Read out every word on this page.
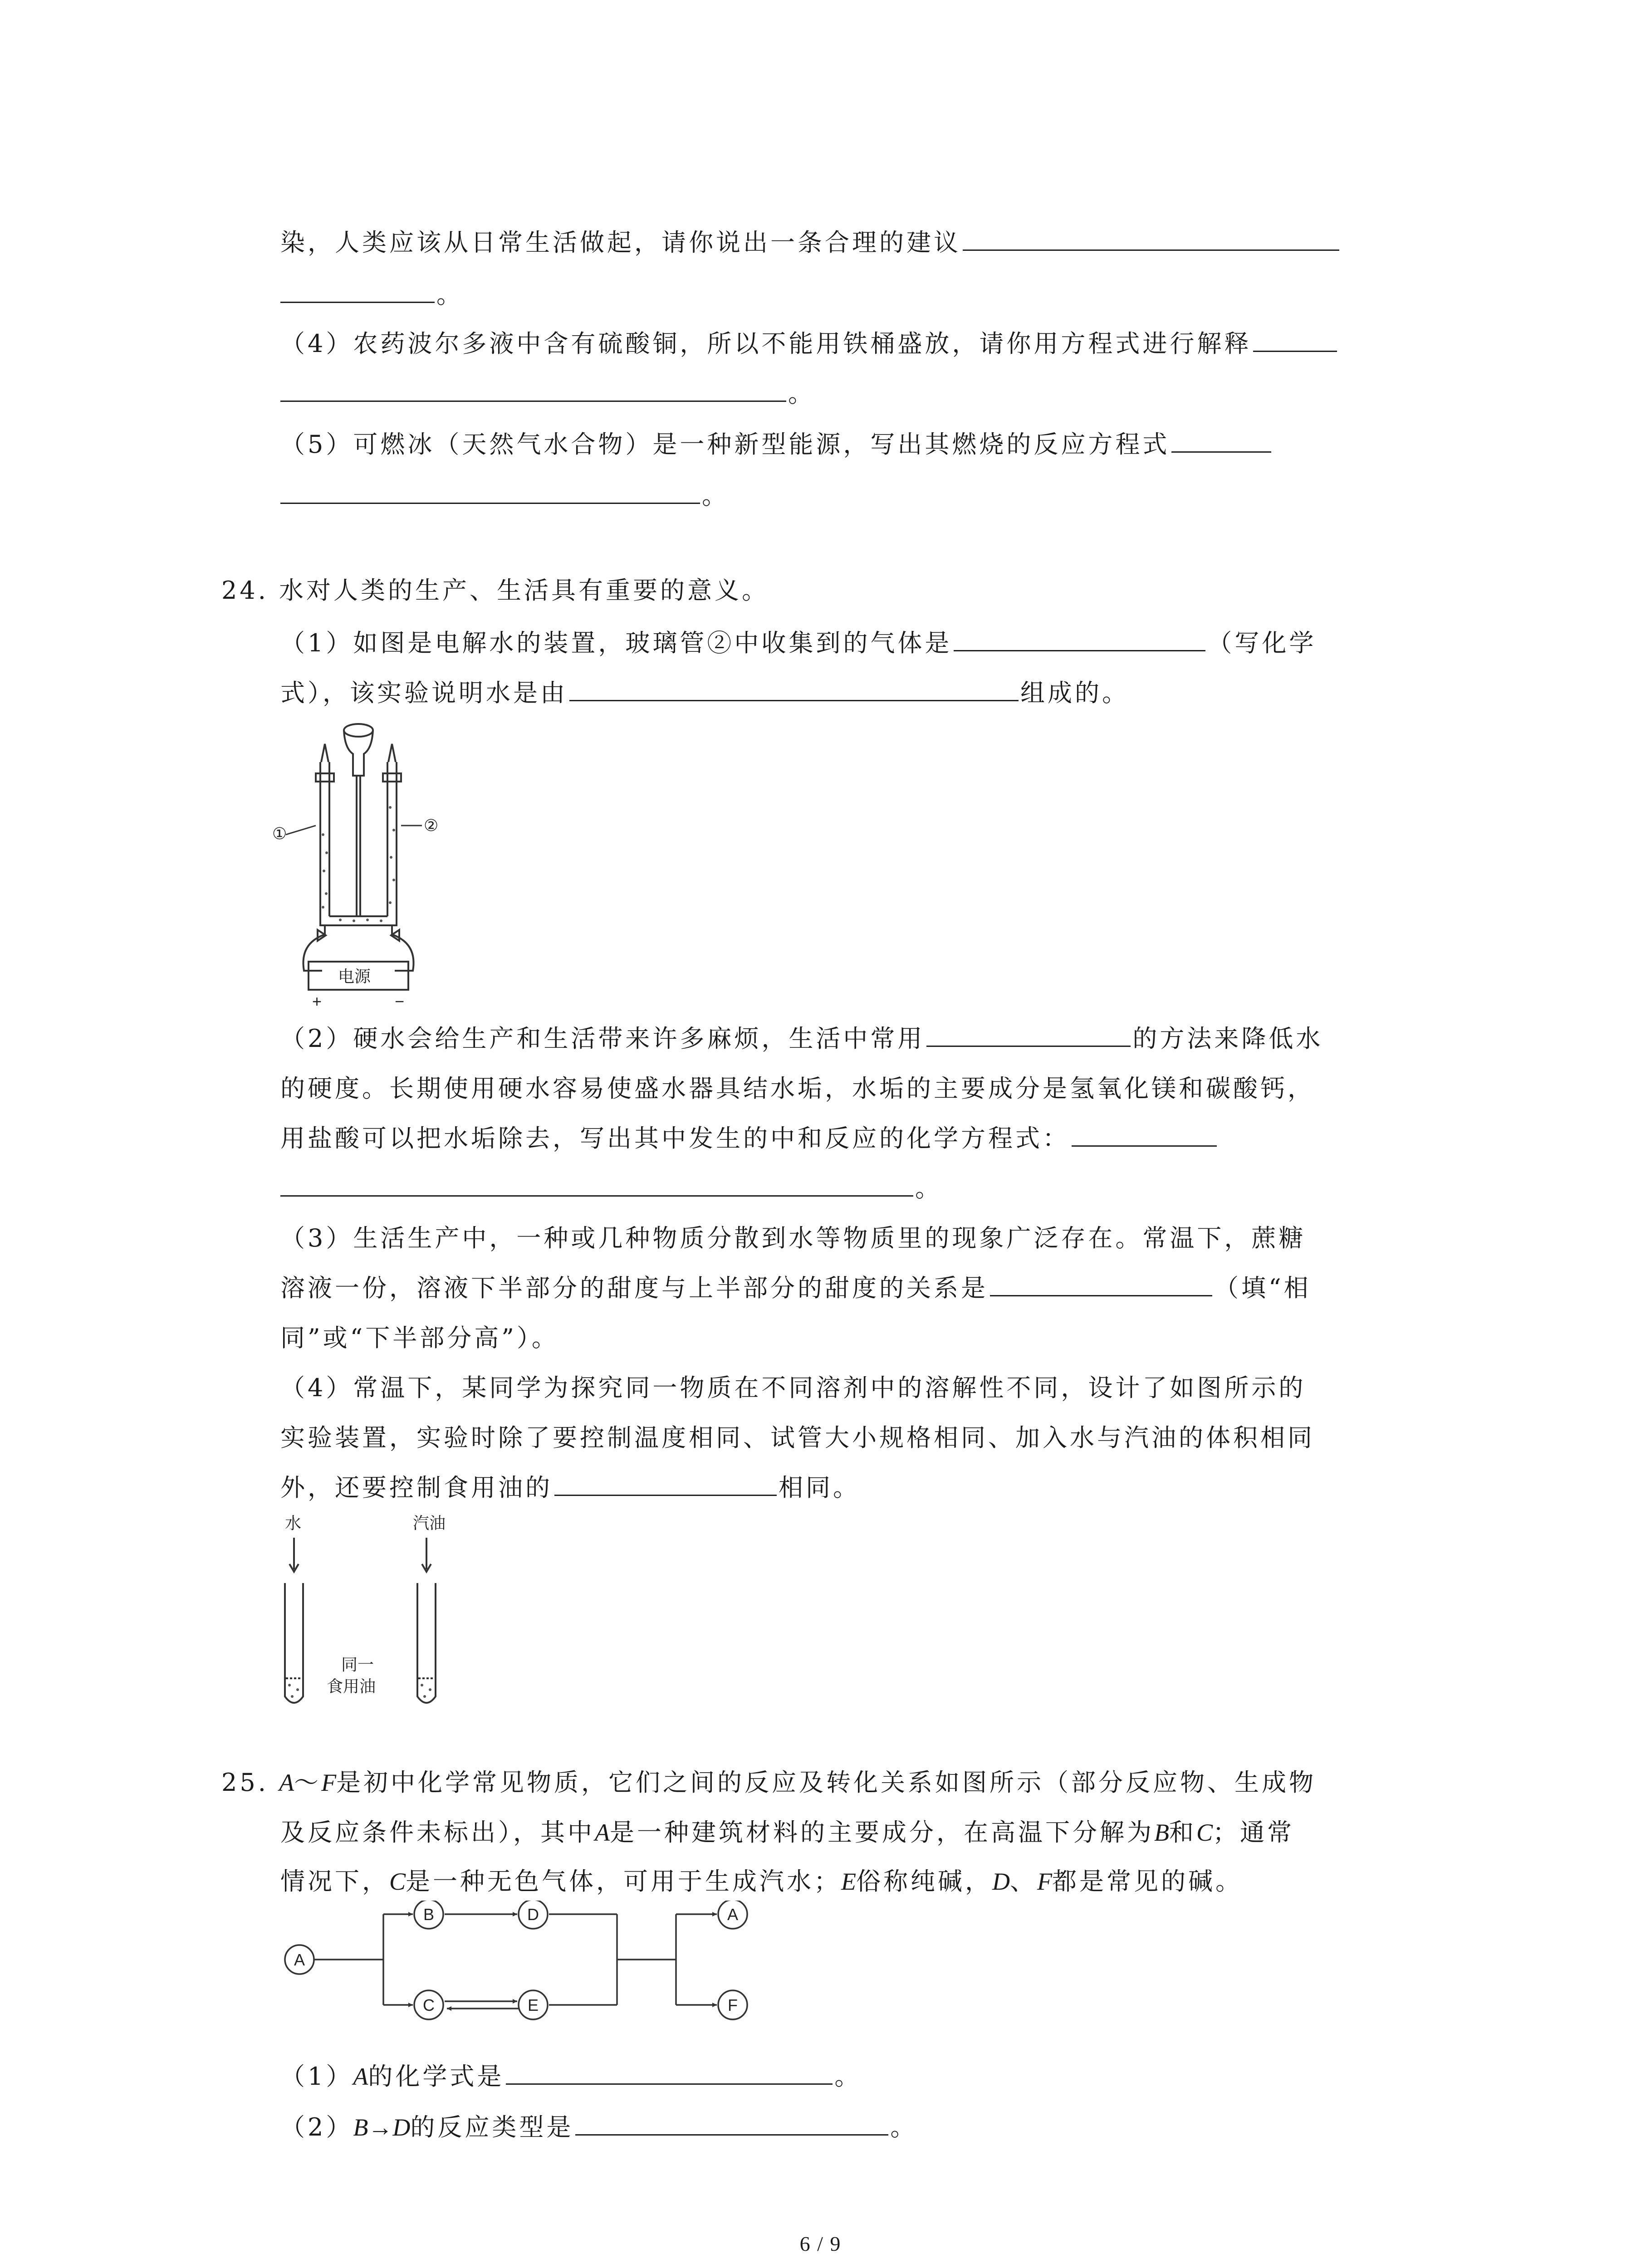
染，人类应该从日常生活做起，请你说出一条合理的建议
。
（4）农药波尔多液中含有硫酸铜，所以不能用铁桶盛放，请你用方程式进行解释
。
（5）可燃冰（天然气水合物）是一种新型能源，写出其燃烧的反应方程式
。
24. 水对人类的生产、生活具有重要的意义。
（1）如图是电解水的装置，玻璃管②中收集到的气体是	（写化学
式），该实验说明水是由	组成的。
①	②
电源
+	−
（2）硬水会给生产和生活带来许多麻烦，生活中常用	的方法来降低水
的硬度。长期使用硬水容易使盛水器具结水垢，水垢的主要成分是氢氧化镁和碳酸钙，
用盐酸可以把水垢除去，写出其中发生的中和反应的化学方程式：
。
（3）生活生产中，一种或几种物质分散到水等物质里的现象广泛存在。常温下，蔗糖
溶液一份，溶液下半部分的甜度与上半部分的甜度的关系是	（填“相
同”或“下半部分高”）。
（4）常温下，某同学为探究同一物质在不同溶剂中的溶解性不同，设计了如图所示的
实验装置，实验时除了要控制温度相同、试管大小规格相同、加入水与汽油的体积相同
外，还要控制食用油的	相同。
水	汽油
同一
食用油
25. A～F是初中化学常见物质，它们之间的反应及转化关系如图所示（部分反应物、生成物
及反应条件未标出），其中A是一种建筑材料的主要成分，在高温下分解为B和C；通常
情况下，C是一种无色气体，可用于生成汽水；E俗称纯碱，D、F都是常见的碱。
A
B
C
D
E
A
F
（1）A的化学式是	。
（2）B→D的反应类型是	。
6 / 9
